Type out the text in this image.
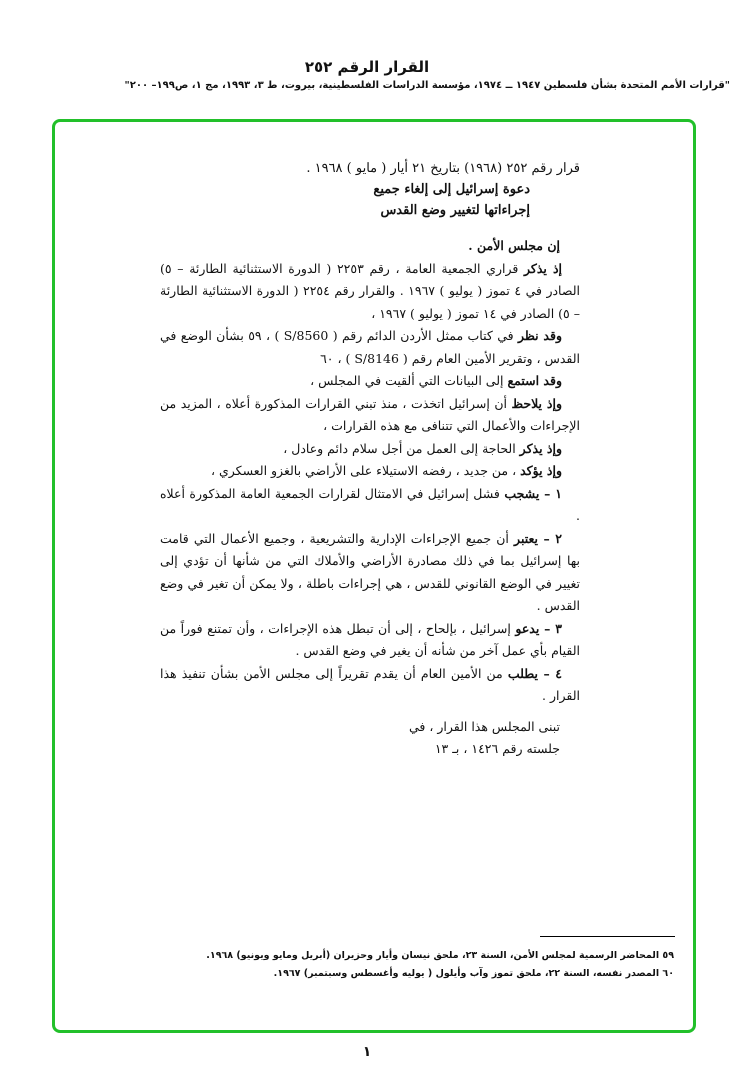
القرار الرقم ٢٥٢
"قرارات الأمم المتحدة بشأن فلسطين ١٩٤٧ ــ ١٩٧٤، مؤسسة الدراسات الفلسطينية، بيروت، ط ٣، ١٩٩٣، مج ١، ص١٩٩– ٢٠٠"
قرار رقم ٢٥٢ (١٩٦٨) بتاريخ ٢١ أيار ( مايو ) ١٩٦٨ .
دعوة إسرائيل إلى إلغاء جميع
إجراءاتها لتغيير وضع القدس
إن مجلس الأمن .

إذ يذكر قراري الجمعية العامة ، رقم ٢٢٥٣ ( الدورة الاستثنائية الطارئة – ٥) الصادر في ٤ تموز ( يوليو ) ١٩٦٧ . والقرار رقم ٢٢٥٤ ( الدورة الاستثنائية الطارئة – ٥) الصادر في ١٤ تموز ( يوليو ) ١٩٦٧ ،

وقد نظر في كتاب ممثل الأردن الدائم رقم ( S/8560 ) ، ٥٩ بشأن الوضع في القدس ، وتقرير الأمين العام رقم ( S/8146 ) ، ٦٠

وقد استمع إلى البيانات التي ألقيت في المجلس ،

وإذ يلاحظ أن إسرائيل اتخذت ، منذ تبني القرارات المذكورة أعلاه ، المزيد من الإجراءات والأعمال التي تتنافى مع هذه القرارات ،

وإذ يذكر الحاجة إلى العمل من أجل سلام دائم وعادل ،

وإذ يؤكد ، من جديد ، رفضه الاستيلاء على الأراضي بالغزو العسكري ،

١ – يشجب فشل إسرائيل في الامتثال لقرارات الجمعية العامة المذكورة أعلاه .

٢ – يعتبر أن جميع الإجراءات الإدارية والتشريعية ، وجميع الأعمال التي قامت بها إسرائيل بما في ذلك مصادرة الأراضي والأملاك التي من شأنها أن تؤدي إلى تغيير في الوضع القانوني للقدس ، هي إجراءات باطلة ، ولا يمكن أن تغير في وضع القدس .

٣ – يدعو إسرائيل ، بإلحاح ، إلى أن تبطل هذه الإجراءات ، وأن تمتنع فوراً من القيام بأي عمل آخر من شأنه أن يغير في وضع القدس .

٤ – يطلب من الأمين العام أن يقدم تقريراً إلى مجلس الأمن بشأن تنفيذ هذا القرار .

تبنى المجلس هذا القرار ، في
جلسته رقم ١٤٢٦ ، بـ ١٣
٥٩ المحاضر الرسمية لمجلس الأمن، السنة ٢٣، ملحق نيسان وأيار وحزيران (أبريل ومايو ويونيو) ١٩٦٨.
٦٠ المصدر نفسه، السنة ٢٢، ملحق تموز وآب وأيلول ( يوليه وأغسطس وسبتمبر) ١٩٦٧.
١
